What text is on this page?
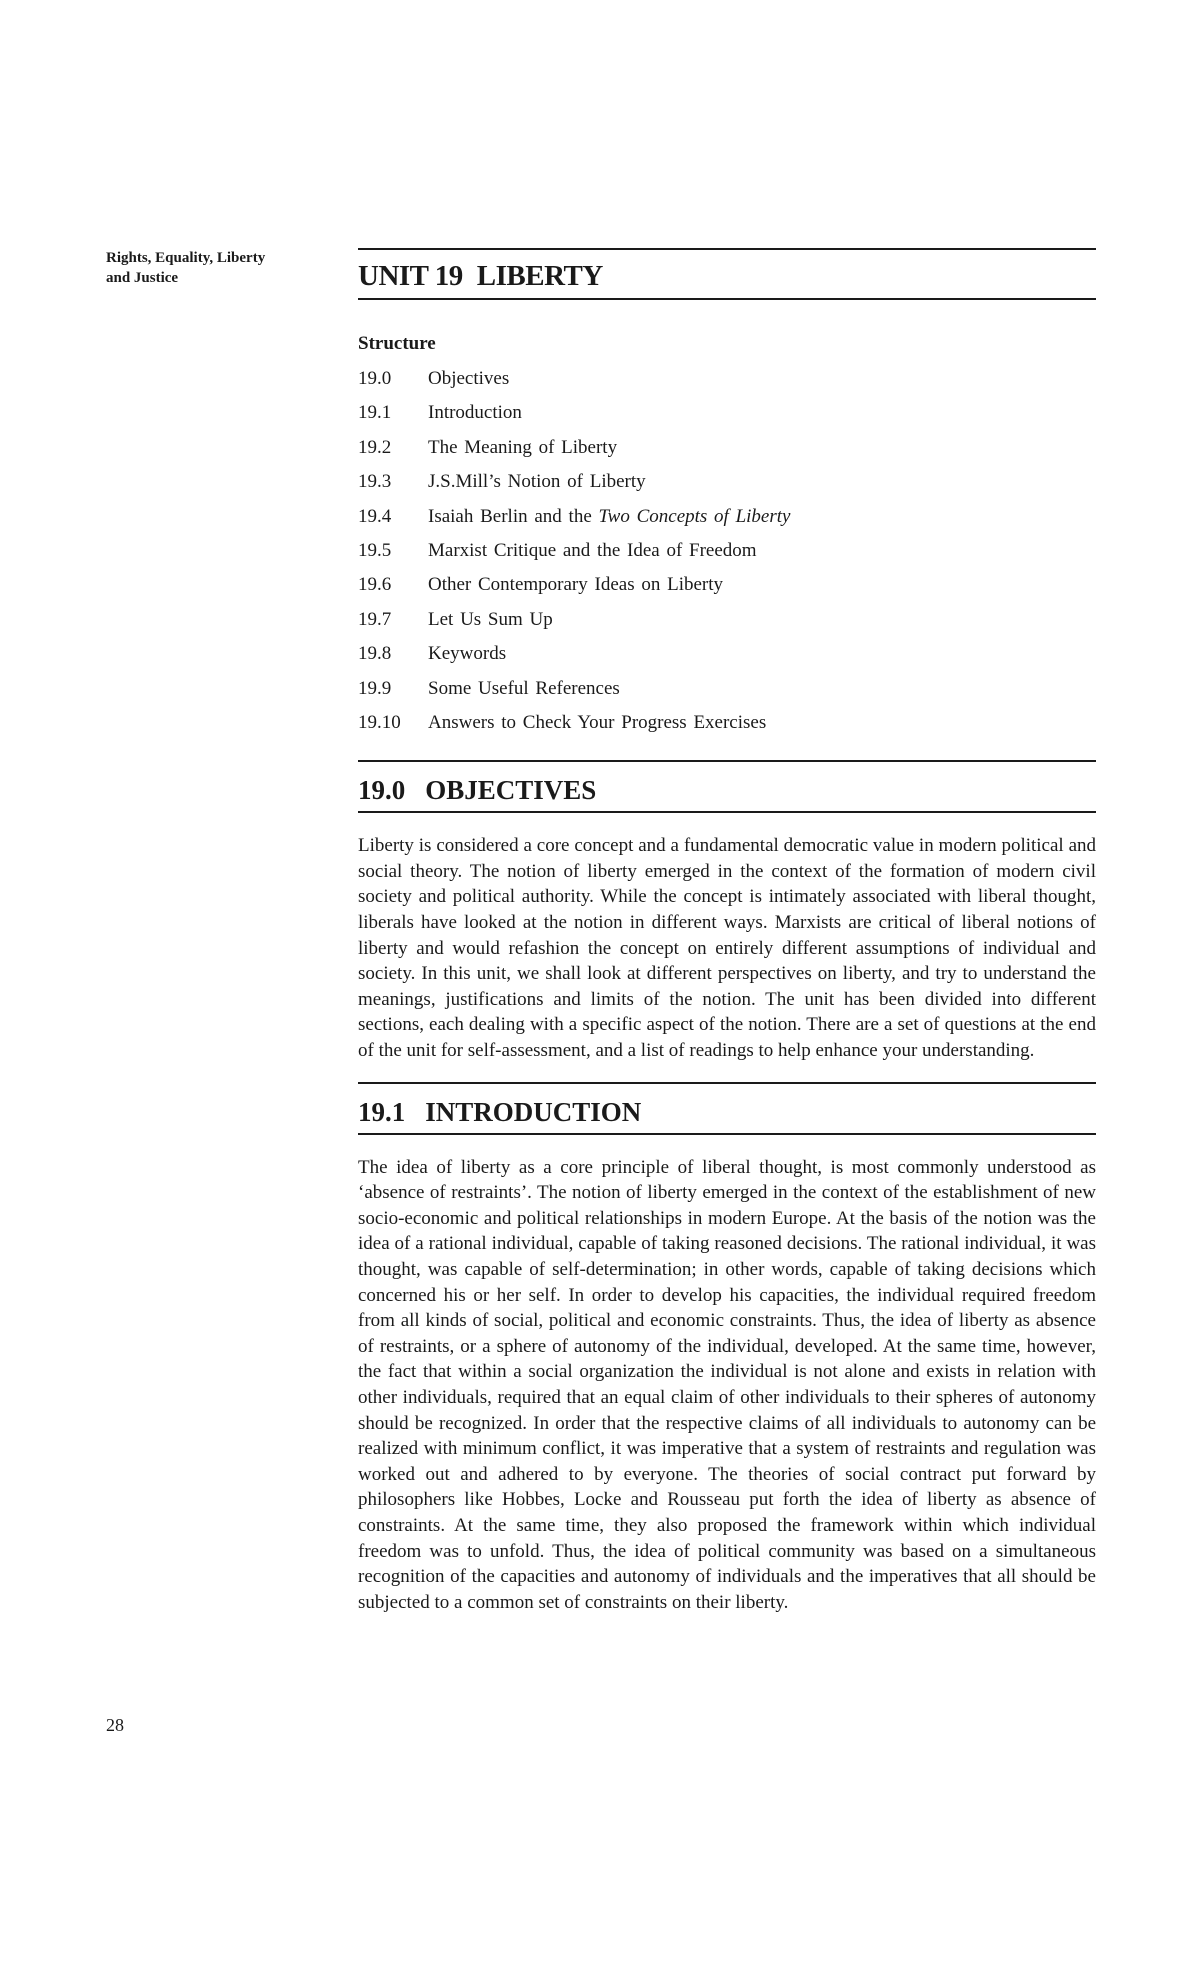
Rights, Equality, Liberty
and Justice
28
UNIT 19 LIBERTY
Structure
19.0	Objectives
19.1	Introduction
19.2	The Meaning of Liberty
19.3	J.S.Mill’s Notion of Liberty
19.4	Isaiah Berlin and the Two Concepts of Liberty
19.5	Marxist Critique and the Idea of Freedom
19.6	Other Contemporary Ideas on Liberty
19.7	Let Us Sum Up
19.8	Keywords
19.9	Some Useful References
19.10	Answers to Check Your Progress Exercises
19.0 OBJECTIVES

Liberty is considered a core concept and a fundamental democratic value in modern political and social theory. The notion of liberty emerged in the context of the formation of modern civil society and political authority. While the concept is intimately associated with liberal thought, liberals have looked at the notion in different ways. Marxists are critical of liberal notions of liberty and would refashion the concept on entirely different assumptions of individual and society. In this unit, we shall look at different perspectives on liberty, and try to understand the meanings, justifications and limits of the notion. The unit has been divided into different sections, each dealing with a specific aspect of the notion. There are a set of questions at the end of the unit for self-assessment, and a list of readings to help enhance your understanding.

19.1 INTRODUCTION

The idea of liberty as a core principle of liberal thought, is most commonly understood as ‘absence of restraints’. The notion of liberty emerged in the context of the establishment of new socio-economic and political relationships in modern Europe. At the basis of the notion was the idea of a rational individual, capable of taking reasoned decisions. The rational individual, it was thought, was capable of self-determination; in other words, capable of taking decisions which concerned his or her self. In order to develop his capacities, the individual required freedom from all kinds of social, political and economic constraints. Thus, the idea of liberty as absence of restraints, or a sphere of autonomy of the individual, developed. At the same time, however, the fact that within a social organization the individual is not alone and exists in relation with other individuals, required that an equal claim of other individuals to their spheres of autonomy should be recognized. In order that the respective claims of all individuals to autonomy can be realized with minimum conflict, it was imperative that a system of restraints and regulation was worked out and adhered to by everyone. The theories of social contract put forward by philosophers like Hobbes, Locke and Rousseau put forth the idea of liberty as absence of constraints. At the same time, they also proposed the framework within which individual freedom was to unfold. Thus, the idea of political community was based on a simultaneous recognition of the capacities and autonomy of individuals and the imperatives that all should be subjected to a common set of constraints on their liberty.
